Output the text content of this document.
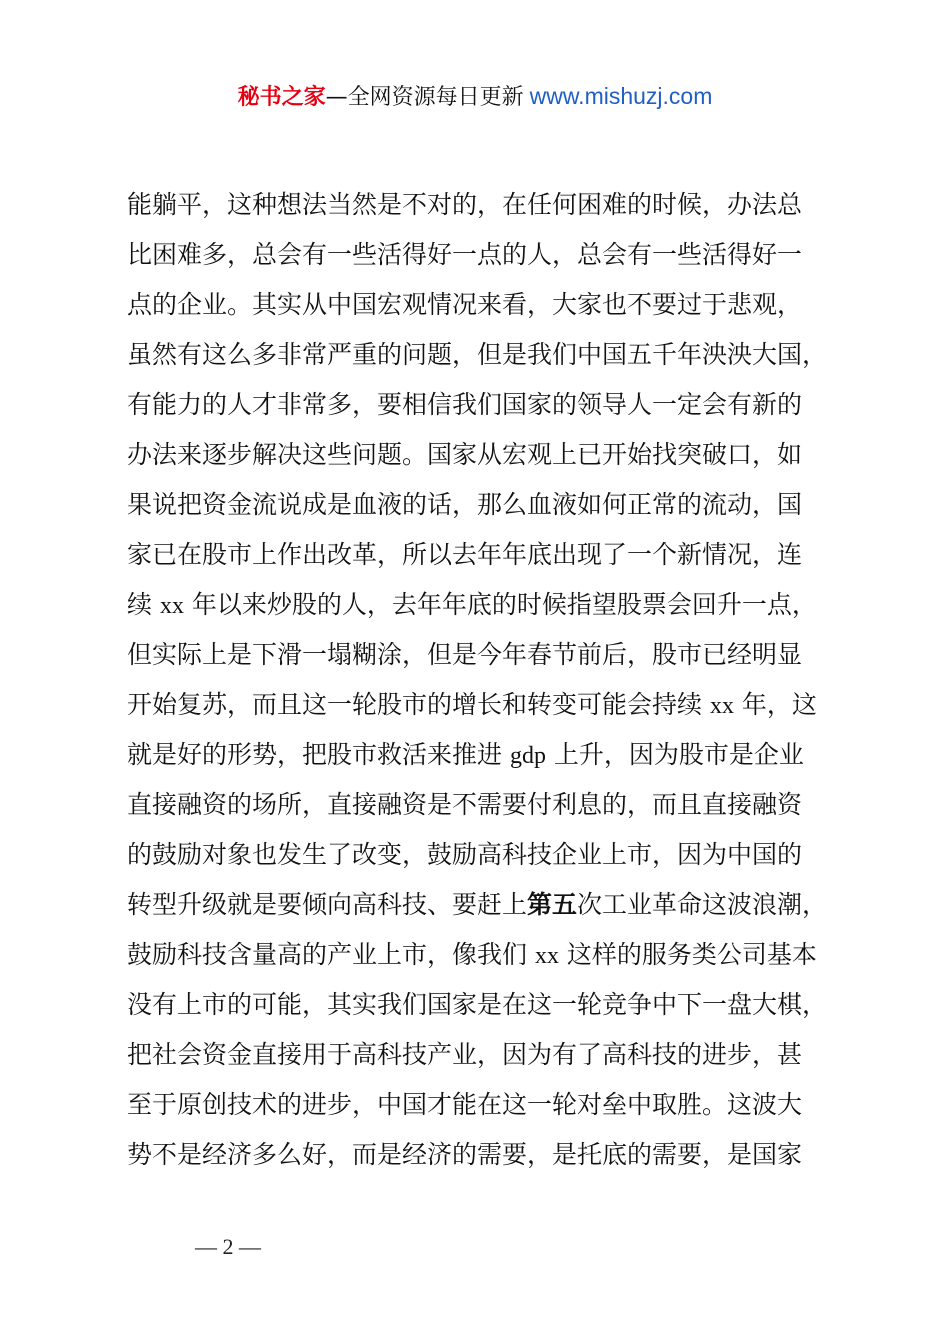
秘书之家—全网资源每日更新 www.mishuzj.com
能躺平，这种想法当然是不对的，在任何困难的时候，办法总
比困难多，总会有一些活得好一点的人，总会有一些活得好一
点的企业。其实从中国宏观情况来看，大家也不要过于悲观，
虽然有这么多非常严重的问题，但是我们中国五千年泱泱大国，
有能力的人才非常多，要相信我们国家的领导人一定会有新的
办法来逐步解决这些问题。国家从宏观上已开始找突破口，如
果说把资金流说成是血液的话，那么血液如何正常的流动，国
家已在股市上作出改革，所以去年年底出现了一个新情况，连
续 xx 年以来炒股的人，去年年底的时候指望股票会回升一点，
但实际上是下滑一塌糊涂，但是今年春节前后，股市已经明显
开始复苏，而且这一轮股市的增长和转变可能会持续 xx 年，这
就是好的形势，把股市救活来推进 gdp 上升，因为股市是企业
直接融资的场所，直接融资是不需要付利息的，而且直接融资
的鼓励对象也发生了改变，鼓励高科技企业上市，因为中国的
转型升级就是要倾向高科技、要赶上第五次工业革命这波浪潮，
鼓励科技含量高的产业上市，像我们 xx 这样的服务类公司基本
没有上市的可能，其实我们国家是在这一轮竞争中下一盘大棋，
把社会资金直接用于高科技产业，因为有了高科技的进步，甚
至于原创技术的进步，中国才能在这一轮对垒中取胜。这波大
势不是经济多么好，而是经济的需要，是托底的需要，是国家
— 2 —
